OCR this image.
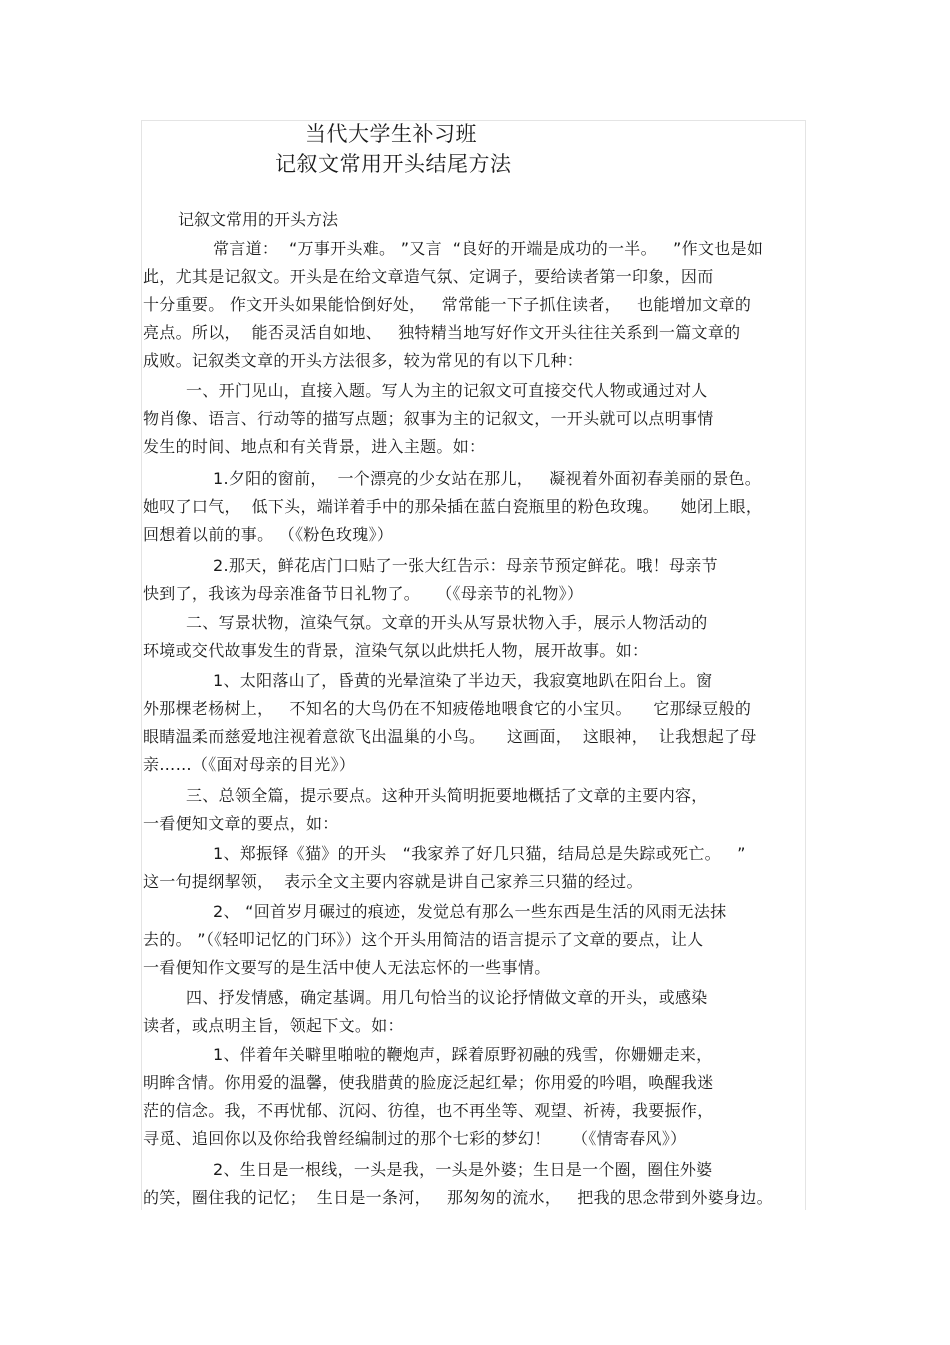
当代大学生补习班
记叙文常用开头结尾方法
记叙文常用的开头方法
常言道：  “万事开头难。 ”又言  “良好的开端是成功的一半。   ”作文也是如
此，尤其是记叙文。开头是在给文章造气氛、定调子，要给读者第一印象，因而
十分重要。 作文开头如果能恰倒好处，   常常能一下子抓住读者，   也能增加文章的
亮点。所以，  能否灵活自如地、   独特精当地写好作文开头往往关系到一篇文章的
成败。记叙类文章的开头方法很多，较为常见的有以下几种：
一、开门见山，直接入题。写人为主的记叙文可直接交代人物或通过对人
物肖像、语言、行动等的描写点题；叙事为主的记叙文，一开头就可以点明事情
发生的时间、地点和有关背景，进入主题。如：
1.夕阳的窗前，  一个漂亮的少女站在那儿，   凝视着外面初春美丽的景色。
她叹了口气，  低下头，端详着手中的那朵插在蓝白瓷瓶里的粉色玫瑰。    她闭上眼，
回想着以前的事。 （《粉色玫瑰》）
2.那天，鲜花店门口贴了一张大红告示：母亲节预定鲜花。哦！母亲节
快到了，我该为母亲准备节日礼物了。   （《母亲节的礼物》）
二、写景状物，渲染气氛。文章的开头从写景状物入手，展示人物活动的
环境或交代故事发生的背景，渲染气氛以此烘托人物，展开故事。如：
1、太阳落山了，昏黄的光晕渲染了半边天，我寂寞地趴在阳台上。窗
外那棵老杨树上，   不知名的大鸟仍在不知疲倦地喂食它的小宝贝。    它那绿豆般的
眼睛温柔而慈爱地注视着意欲飞出温巢的小鸟。    这画面，  这眼神，  让我想起了母
亲……（《面对母亲的目光》）
三、总领全篇，提示要点。这种开头简明扼要地概括了文章的主要内容，
一看便知文章的要点，如：
1、郑振铎《猫》的开头   “我家养了好几只猫，结局总是失踪或死亡。   ”
这一句提纲挈领，  表示全文主要内容就是讲自己家养三只猫的经过。
2、 “回首岁月碾过的痕迹，发觉总有那么一些东西是生活的风雨无法抹
去的。 ”（《轻叩记忆的门环》）这个开头用简洁的语言提示了文章的要点，让人
一看便知作文要写的是生活中使人无法忘怀的一些事情。
四、抒发情感，确定基调。用几句恰当的议论抒情做文章的开头，或感染
读者，或点明主旨，领起下文。如：
1、伴着年关噼里啪啦的鞭炮声，踩着原野初融的残雪，你姗姗走来，
明眸含情。你用爱的温馨，使我腊黄的脸庞泛起红晕；你用爱的吟唱，唤醒我迷
茫的信念。我，不再忧郁、沉闷、彷徨，也不再坐等、观望、祈祷，我要振作，
寻觅、追回你以及你给我曾经编制过的那个七彩的梦幻！    （《情寄春风》）
2、生日是一根线，一头是我，一头是外婆；生日是一个圈，圈住外婆
的笑，圈住我的记忆；  生日是一条河，   那匆匆的流水，   把我的思念带到外婆身边。
